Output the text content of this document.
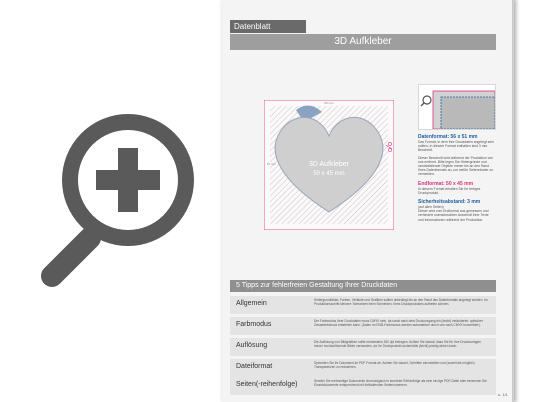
Datenblatt
3D Aufkleber
3D Aufkleber
50 x 45 mm
56 mm
51 mm
Datenformat: 56 x 51 mm
Das Format, in dem Ihre Druckdaten angelegt sein sollten, in diesem Format enthalten sind 3 mm Beschnitt.
Dieser Beschnitt wird während der Produktion von uns entfernt. Bitte legen Sie Hintergründe und randabfallende Objekte immer bis an den Rand Ihres Datenformats an, um weiße Seitenränder zu vermeiden.
Endformat: 50 x 45 mm
In diesem Format erhalten Sie Ihr fertiges Druckprodukt.
Sicherheitsabstand: 3 mm
(auf allen Seiten)
Dieser wird vom Endformat aus gemessen und verhindert unerwünschten Anschnitt Ihrer Texte und Informationen während der Produktion.
5 Tipps zur fehlerfreien Gestaltung Ihrer Druckdaten
Allgemein	Hintergrundbilder, Farben, Verläufe und Grafiken sollten unbedingt bis an den Rand des Datenformats angelegt werden. Im Produktionsschritt kleinere Toleranzen beim Schneiden. Ihres Druckproduktes auftreten können.
Farbmodus	Der Farbmodus Ihrer Druckdaten muss CMYK sein, da sonst nach dem Druckvorgang ein (leicht) veränderter, optischer Gesamteindruck entstehen kann. (Daten im RGB-Farbmodus werden automatisch durch uns nach CMYK konvertiert.)
Auflösung	Die Auflösung von Bildgrafiken sollte mindestens 300 dpi betragen. Achten Sie darauf, dass Sie für Ihre Druckvorlagen immer hochauflösende Bilder verwenden, da Ihr Druckprodukt andernfalls (leicht) pixelig wirken kann.
Dateiformat	Speichern Sie Ihr Dokument im PDF Format ab. Achten Sie darauf, Schriften einzubetten und (soweit als möglich) Transparenzen zu reduzieren.
Seiten(-reihenfolge)	Senden Sie mehrseitige Dokumente chronologisch in korrekter Reihenfolge als eine einzige PDF-Datei oder benennen Sie Einzeldokumente entsprechend mit fortlaufenden Seitennummern.
s. 1/1
